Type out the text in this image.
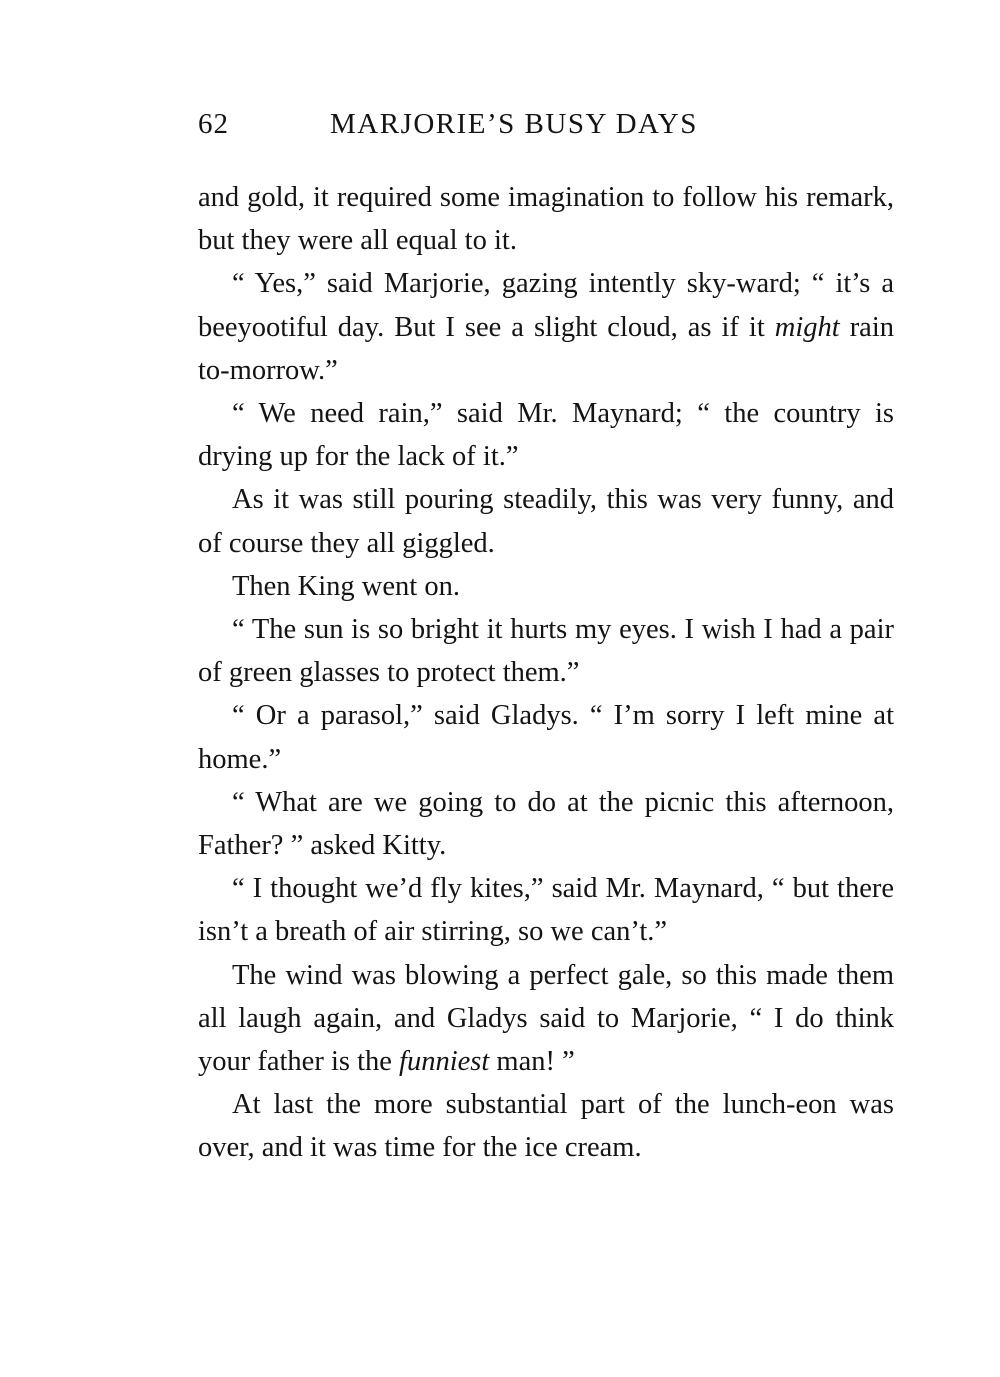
62	MARJORIE’S BUSY DAYS

and gold, it required some imagination to follow his remark, but they were all equal to it.

“ Yes,” said Marjorie, gazing intently sky-ward; “ it’s a beeyootiful day. But I see a slight cloud, as if it might rain to-morrow.”

“ We need rain,” said Mr. Maynard; “ the country is drying up for the lack of it.”

As it was still pouring steadily, this was very funny, and of course they all giggled.

Then King went on.

“ The sun is so bright it hurts my eyes. I wish I had a pair of green glasses to protect them.”

“ Or a parasol,” said Gladys. “ I’m sorry I left mine at home.”

“ What are we going to do at the picnic this afternoon, Father? ” asked Kitty.

“ I thought we’d fly kites,” said Mr. Maynard, “ but there isn’t a breath of air stirring, so we can’t.”

The wind was blowing a perfect gale, so this made them all laugh again, and Gladys said to Marjorie, “ I do think your father is the funniest man! ”

At last the more substantial part of the lunch-eon was over, and it was time for the ice cream.
